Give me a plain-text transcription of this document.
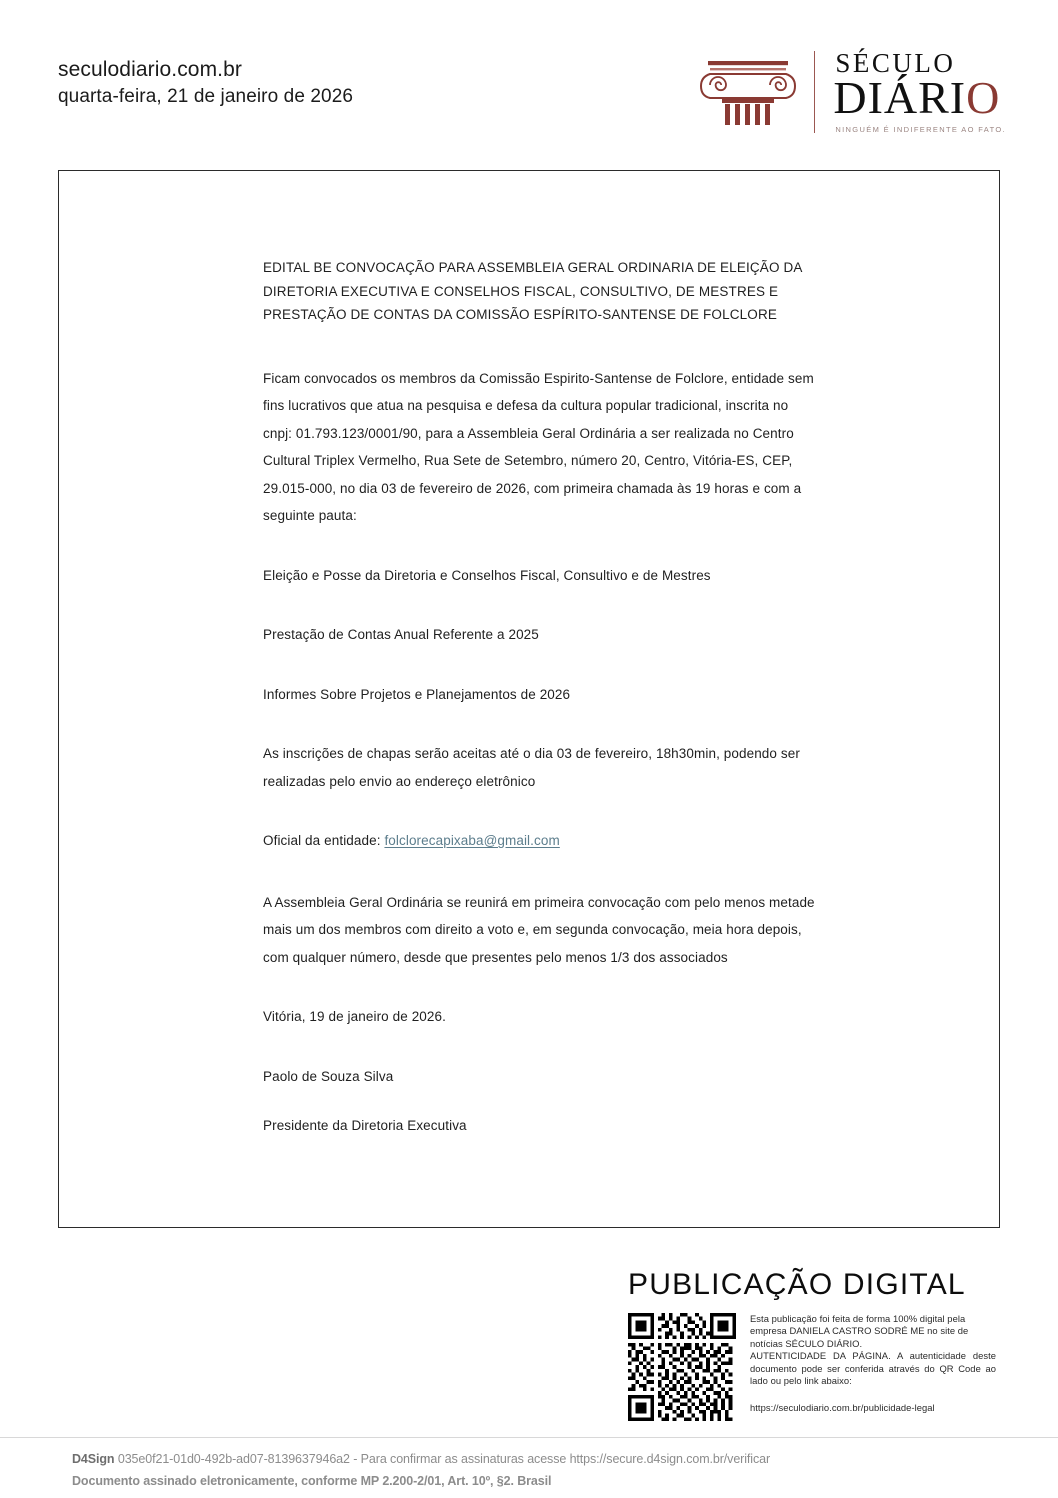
seculodiario.com.br
quarta-feira, 21 de janeiro de 2026
SÉCULO
DIÁRIO
NINGUÉM É INDIFERENTE AO FATO.

EDITAL BE CONVOCAÇÃO PARA ASSEMBLEIA GERAL ORDINARIA DE ELEIÇÃO DA DIRETORIA EXECUTIVA E CONSELHOS FISCAL, CONSULTIVO, DE MESTRES E PRESTAÇÃO DE CONTAS DA COMISSÃO ESPÍRITO-SANTENSE DE FOLCLORE

Ficam convocados os membros da Comissão Espirito-Santense de Folclore, entidade sem fins lucrativos que atua na pesquisa e defesa da cultura popular tradicional, inscrita no cnpj: 01.793.123/0001/90, para a Assembleia Geral Ordinária a ser realizada no Centro Cultural Triplex Vermelho, Rua Sete de Setembro, número 20, Centro, Vitória-ES, CEP, 29.015-000, no dia 03 de fevereiro de 2026, com primeira chamada às 19 horas e com a seguinte pauta:

Eleição e Posse da Diretoria e Conselhos Fiscal, Consultivo e de Mestres

Prestação de Contas Anual Referente a 2025

Informes Sobre Projetos e Planejamentos de 2026

As inscrições de chapas serão aceitas até o dia 03 de fevereiro, 18h30min, podendo ser realizadas pelo envio ao endereço eletrônico

Oficial da entidade: folclorecapixaba@gmail.com

A Assembleia Geral Ordinária se reunirá em primeira convocação com pelo menos metade mais um dos membros com direito a voto e, em segunda convocação, meia hora depois, com qualquer número, desde que presentes pelo menos 1/3 dos associados

Vitória, 19 de janeiro de 2026.

Paolo de Souza Silva

Presidente da Diretoria Executiva

PUBLICAÇÃO DIGITAL

Esta publicação foi feita de forma 100% digital pela empresa DANIELA CASTRO SODRÉ ME no site de notícias SÉCULO DIÁRIO.

AUTENTICIDADE DA PÁGINA. A autenticidade deste documento pode ser conferida através do QR Code ao lado ou pelo link abaixo:

https://seculodiario.com.br/publicidade-legal

D4Sign 035e0f21-01d0-492b-ad07-8139637946a2 - Para confirmar as assinaturas acesse https://secure.d4sign.com.br/verificar
Documento assinado eletronicamente, conforme MP 2.200-2/01, Art. 10º, §2. Brasil
